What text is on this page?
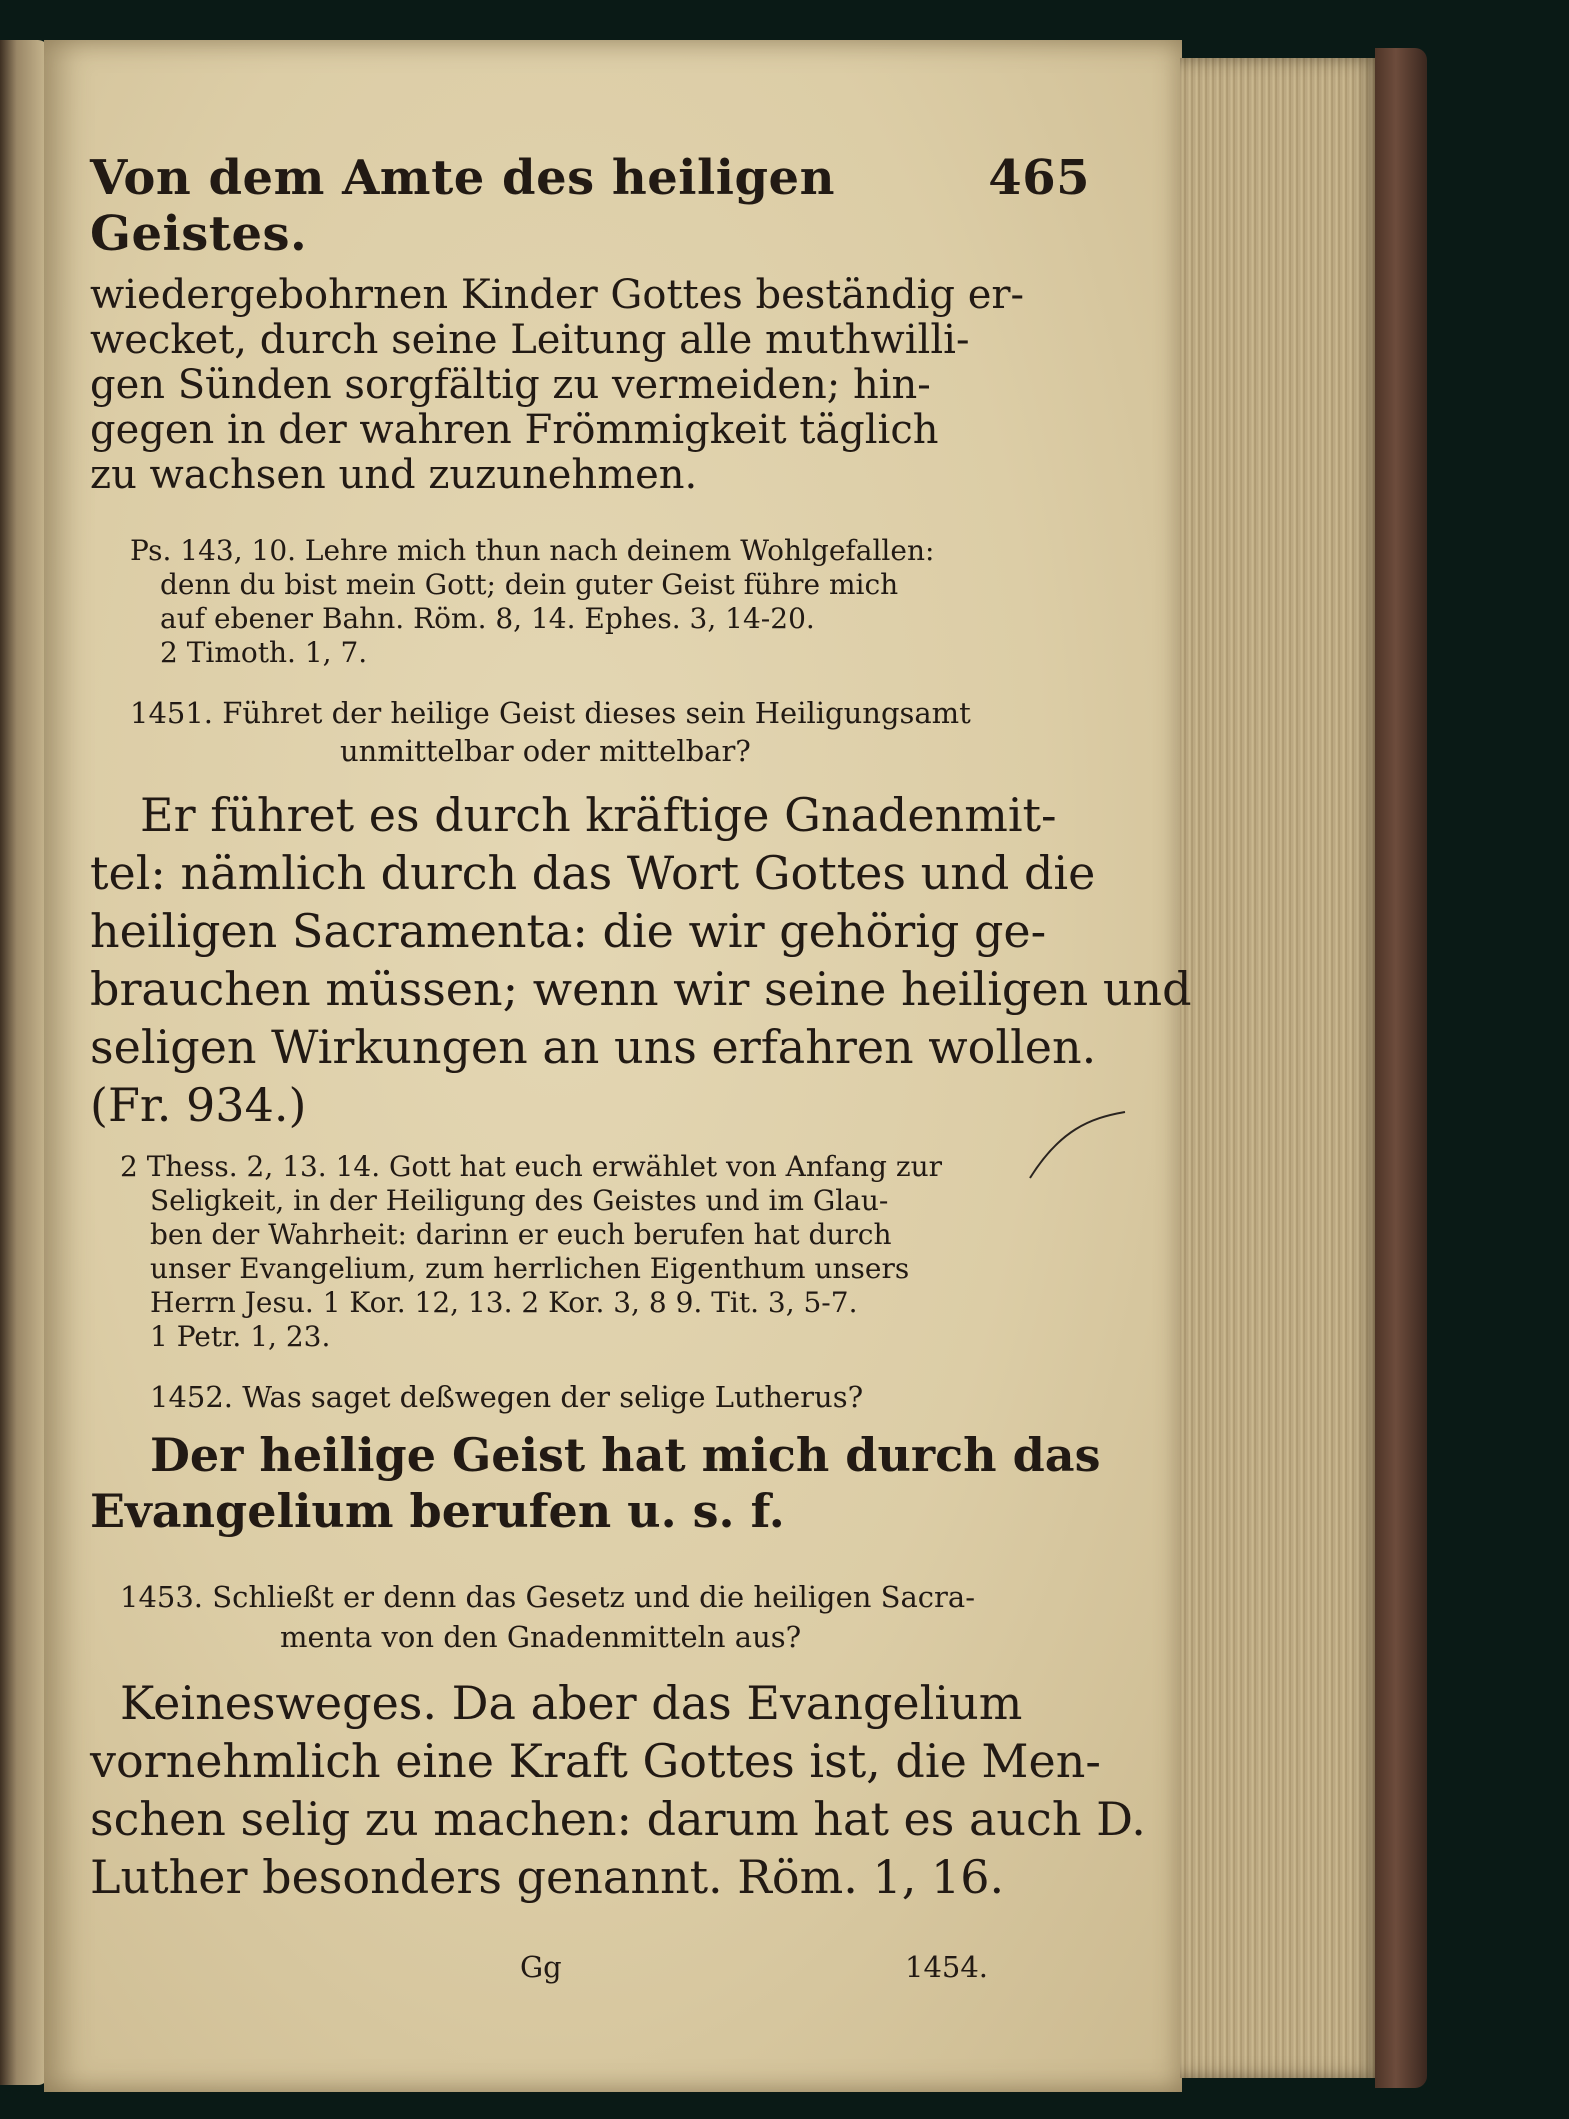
Von dem Amte des heiligen Geistes.
465
wiedergebohrnen Kinder Gottes beständig er-
wecket, durch seine Leitung alle muthwilli-
gen Sünden sorgfältig zu vermeiden; hin-
gegen in der wahren Frömmigkeit täglich
zu wachsen und zuzunehmen.
Ps. 143, 10. Lehre mich thun nach deinem Wohlgefallen:
denn du bist mein Gott; dein guter Geist führe mich
auf ebener Bahn. Röm. 8, 14. Ephes. 3, 14-20.
2 Timoth. 1, 7.
1451. Führet der heilige Geist dieses sein Heiligungsamt
unmittelbar oder mittelbar?
Er führet es durch kräftige Gnadenmit-
tel: nämlich durch das Wort Gottes und die
heiligen Sacramenta: die wir gehörig ge-
brauchen müssen; wenn wir seine heiligen und
seligen Wirkungen an uns erfahren wollen.
(Fr. 934.)
2 Thess. 2, 13. 14. Gott hat euch erwählet von Anfang zur
Seligkeit, in der Heiligung des Geistes und im Glau-
ben der Wahrheit: darinn er euch berufen hat durch
unser Evangelium, zum herrlichen Eigenthum unsers
Herrn Jesu. 1 Kor. 12, 13. 2 Kor. 3, 8 9. Tit. 3, 5-7.
1 Petr. 1, 23.
1452. Was saget deßwegen der selige Lutherus?
Der heilige Geist hat mich durch das
Evangelium berufen u. s. f.
1453. Schließt er denn das Gesetz und die heiligen Sacra-
menta von den Gnadenmitteln aus?
Keinesweges. Da aber das Evangelium
vornehmlich eine Kraft Gottes ist, die Men-
schen selig zu machen: darum hat es auch D.
Luther besonders genannt. Röm. 1, 16.
Gg	1454.
